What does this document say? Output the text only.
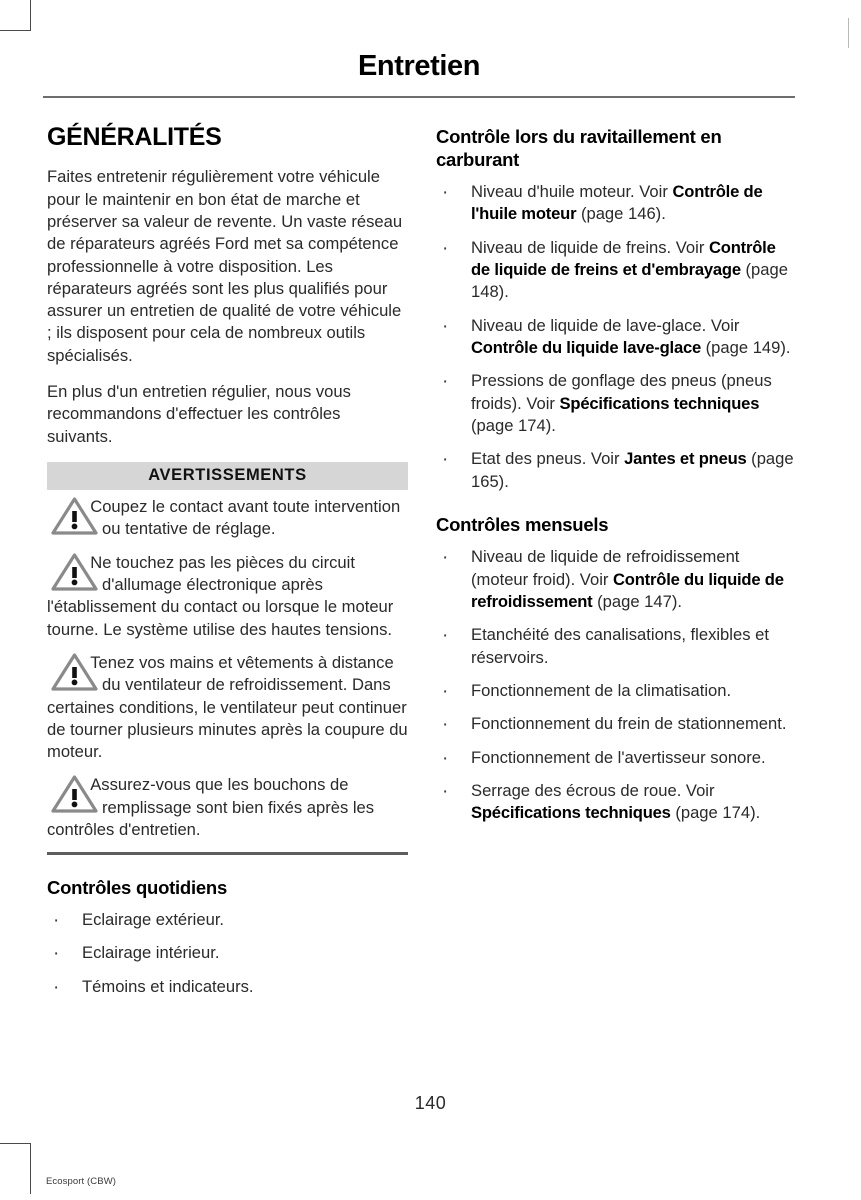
Entretien
GÉNÉRALITÉS

Faites entretenir régulièrement votre véhicule pour le maintenir en bon état de marche et préserver sa valeur de revente. Un vaste réseau de réparateurs agréés Ford met sa compétence professionnelle à votre disposition. Les réparateurs agréés sont les plus qualifiés pour assurer un entretien de qualité de votre véhicule ; ils disposent pour cela de nombreux outils spécialisés.

En plus d'un entretien régulier, nous vous recommandons d'effectuer les contrôles suivants.

AVERTISSEMENTS
Coupez le contact avant toute intervention ou tentative de réglage.
Ne touchez pas les pièces du circuit d'allumage électronique après l'établissement du contact ou lorsque le moteur tourne. Le système utilise des hautes tensions.
Tenez vos mains et vêtements à distance du ventilateur de refroidissement. Dans certaines conditions, le ventilateur peut continuer de tourner plusieurs minutes après la coupure du moteur.
Assurez-vous que les bouchons de remplissage sont bien fixés après les contrôles d'entretien.
Contrôles quotidiens
· Eclairage extérieur.
· Eclairage intérieur.
· Témoins et indicateurs.
Contrôle lors du ravitaillement en carburant
· Niveau d'huile moteur. Voir Contrôle de l'huile moteur (page 146).
· Niveau de liquide de freins. Voir Contrôle de liquide de freins et d'embrayage (page 148).
· Niveau de liquide de lave-glace. Voir Contrôle du liquide lave-glace (page 149).
· Pressions de gonflage des pneus (pneus froids). Voir Spécifications techniques (page 174).
· Etat des pneus. Voir Jantes et pneus (page 165).
Contrôles mensuels
· Niveau de liquide de refroidissement (moteur froid). Voir Contrôle du liquide de refroidissement (page 147).
· Etanchéité des canalisations, flexibles et réservoirs.
· Fonctionnement de la climatisation.
· Fonctionnement du frein de stationnement.
· Fonctionnement de l'avertisseur sonore.
· Serrage des écrous de roue. Voir Spécifications techniques (page 174).
140
Ecosport (CBW)
